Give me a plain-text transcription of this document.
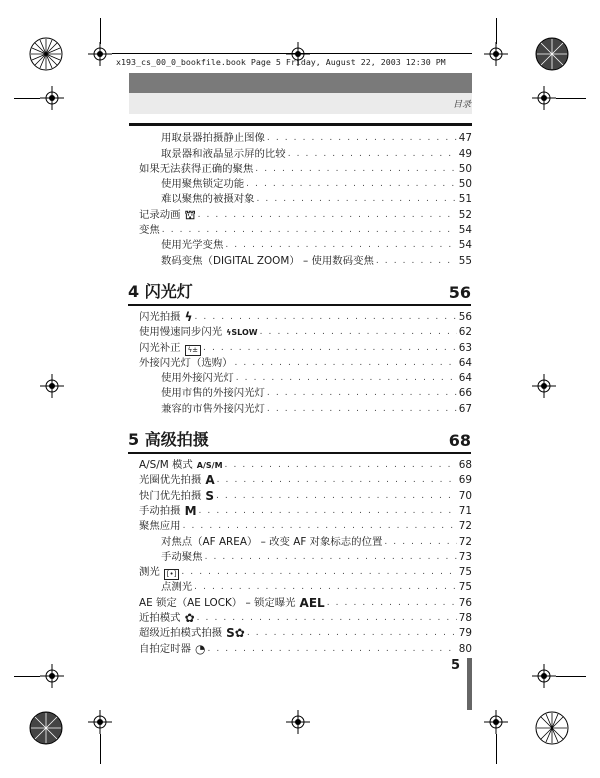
x193_cs_00_0_bookfile.book Page 5 Friday, August 22, 2003 12:30 PM
目录
用取景器拍摄静止图像 . . .	47
取景器和液晶显示屏的比较 . . .	49
如果无法获得正确的聚焦 . . .	50
使用聚焦锁定功能 . . .	50
难以聚焦的被摄对象 . . .	51
记录动画 ⛫ . . .	52
变焦 . . .	54
使用光学变焦 . . .	54
数码变焦（DIGITAL ZOOM） – 使用数码变焦 . . .	55
4 闪光灯	56
闪光拍摄 ϟ . . .	56
使用慢速同步闪光 ϟSLOW . . .	62
闪光补正	ϟ± . . .	63
外接闪光灯（选购） . . .	64
使用外接闪光灯 . . .	64
使用市售的外接闪光灯 . . .	66
兼容的市售外接闪光灯 . . .	67
5 高级拍摄	68
A/S/M 模式 A/S/M . . .	68
光圈优先拍摄 A . . .	69
快门优先拍摄 S . . .	70
手动拍摄 M . . .	71
聚焦应用 . . .	72
对焦点（AF AREA） – 改变 AF 对象标志的位置 . . .	72
手动聚焦 . . .	73
测光	[•] . . .	75
点测光 . . .	75
AE 锁定（AE LOCK） – 锁定曝光 AEL . . .	76
近拍模式 ✿ . . .	78
超级近拍模式拍摄 S✿ . . .	79
自拍定时器 ◔ . . .	80
5
